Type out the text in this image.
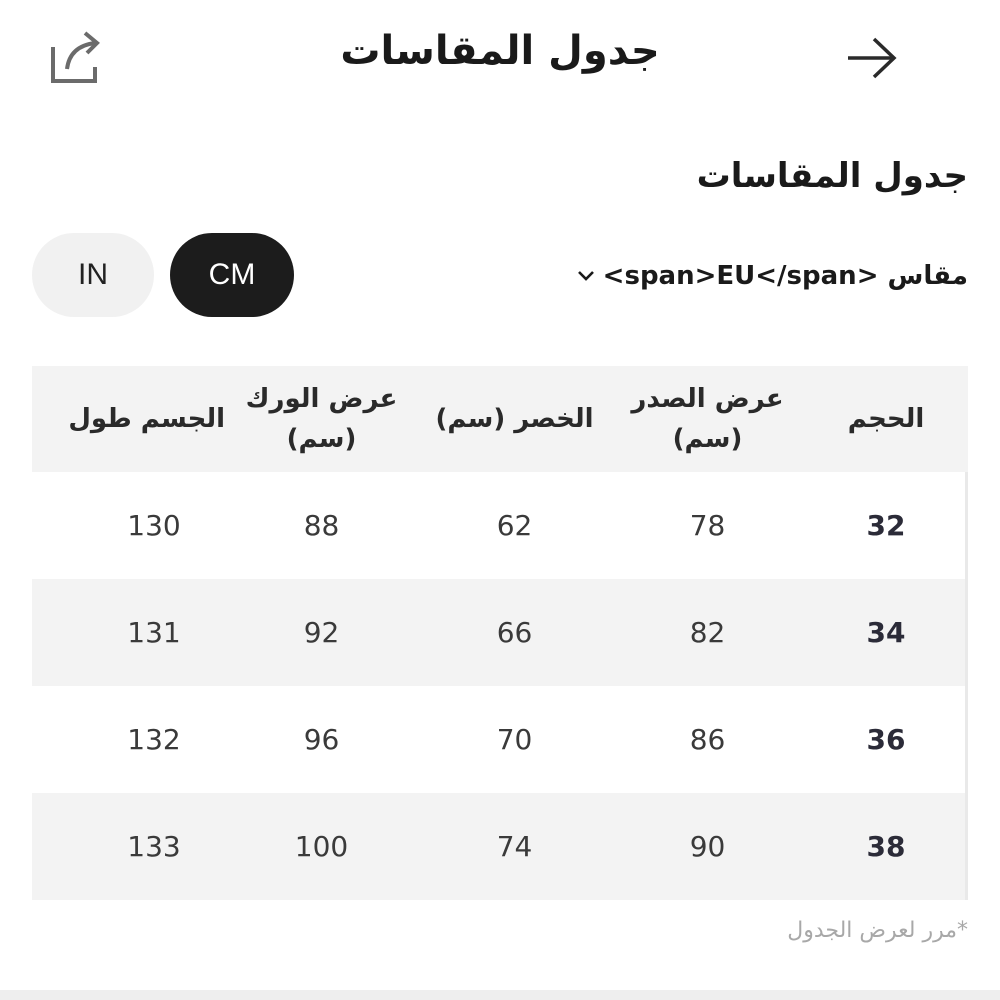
جدول المقاسات
جدول المقاسات
مقاس <span>EU</span>
IN	CM
الحجم
عرض الصدر
(سم)
الخصر (سم)
عرض الورك
(سم)
الجسم طول
32
78
62
88
130
34
82
66
92
131
36
86
70
96
132
38
90
74
100
133
*مرر لعرض الجدول
